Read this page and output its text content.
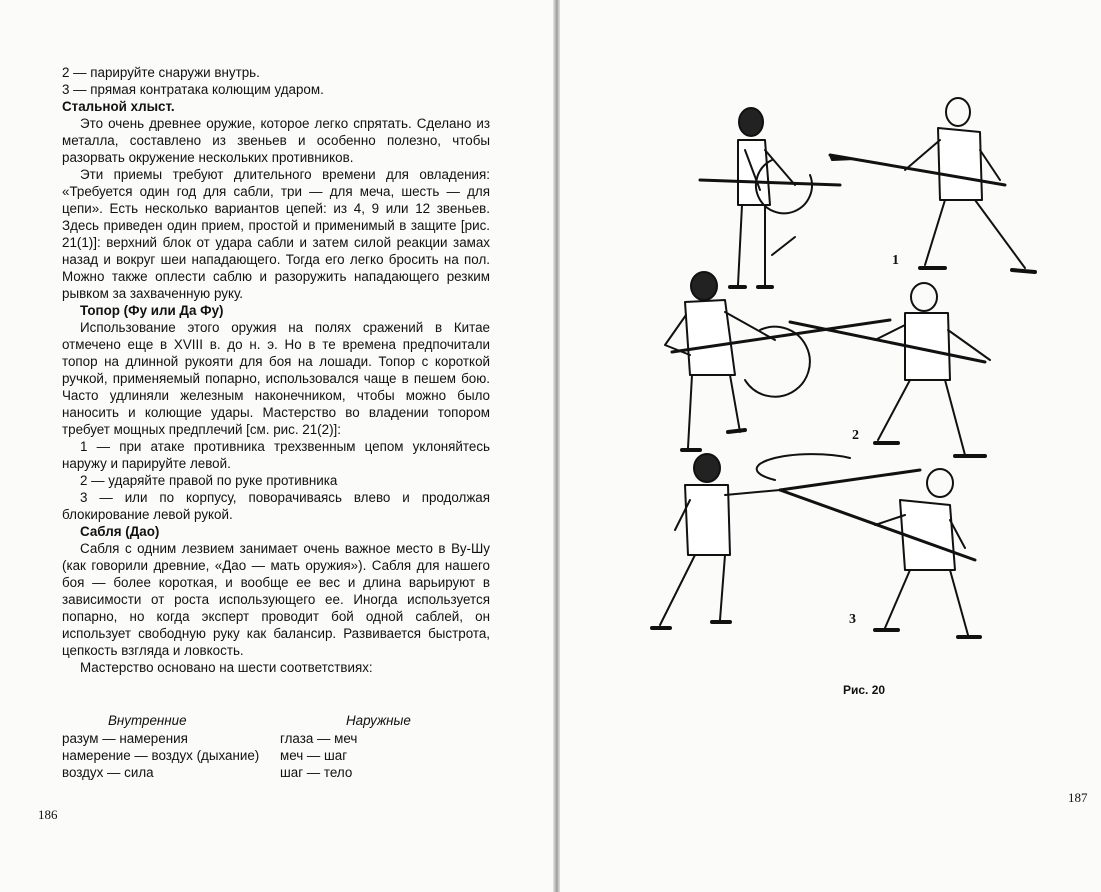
2 — парируйте снаружи внутрь.

3 — прямая контратака колющим ударом.

Стальной хлыст.

Это очень древнее оружие, которое легко спрятать. Сделано из металла, составлено из звеньев и особенно полезно, чтобы разорвать окружение нескольких противников.

Эти приемы требуют длительного времени для овладения: «Требуется один год для сабли, три — для меча, шесть — для цепи». Есть несколько вариантов цепей: из 4, 9 или 12 звеньев. Здесь приведен один прием, простой и применимый в защите [рис. 21(1)]: верхний блок от удара сабли и затем силой реакции замах назад и вокруг шеи нападающего. Тогда его легко бросить на пол. Можно также оплести саблю и разоружить нападающего резким рывком за захваченную руку.

Топор (Фу или Да Фу)

Использование этого оружия на полях сражений в Китае отмечено еще в XVIII в. до н. э. Но в те времена предпочитали топор на длинной рукояти для боя на лошади. Топор с короткой ручкой, применяемый попарно, использовался чаще в пешем бою. Часто удлиняли железным наконечником, чтобы можно было наносить и колющие удары. Мастерство во владении топором требует мощных предплечий [см. рис. 21(2)]:

1 — при атаке противника трехзвенным цепом уклоняйтесь наружу и парируйте левой.

2 — ударяйте правой по руке противника

3 — или по корпусу, поворачиваясь влево и продолжая блокирование левой рукой.

Сабля (Дао)

Сабля с одним лезвием занимает очень важное место в Ву-Шу (как говорили древние, «Дао — мать оружия»). Сабля для нашего боя — более короткая, и вообще ее вес и длина варьируют в зависимости от роста использующего ее. Иногда используется попарно, но когда эксперт проводит бой одной саблей, он использует свободную руку как балансир. Развивается быстрота, цепкость взгляда и ловкость.

Мастерство основано на шести соответствиях:

Внутренние	Наружные
разум — намерения	глаза — меч
намерение — воздух (дыхание)	меч — шаг
воздух — сила	шаг — тело
186
1
2
3
Рис. 20
187
